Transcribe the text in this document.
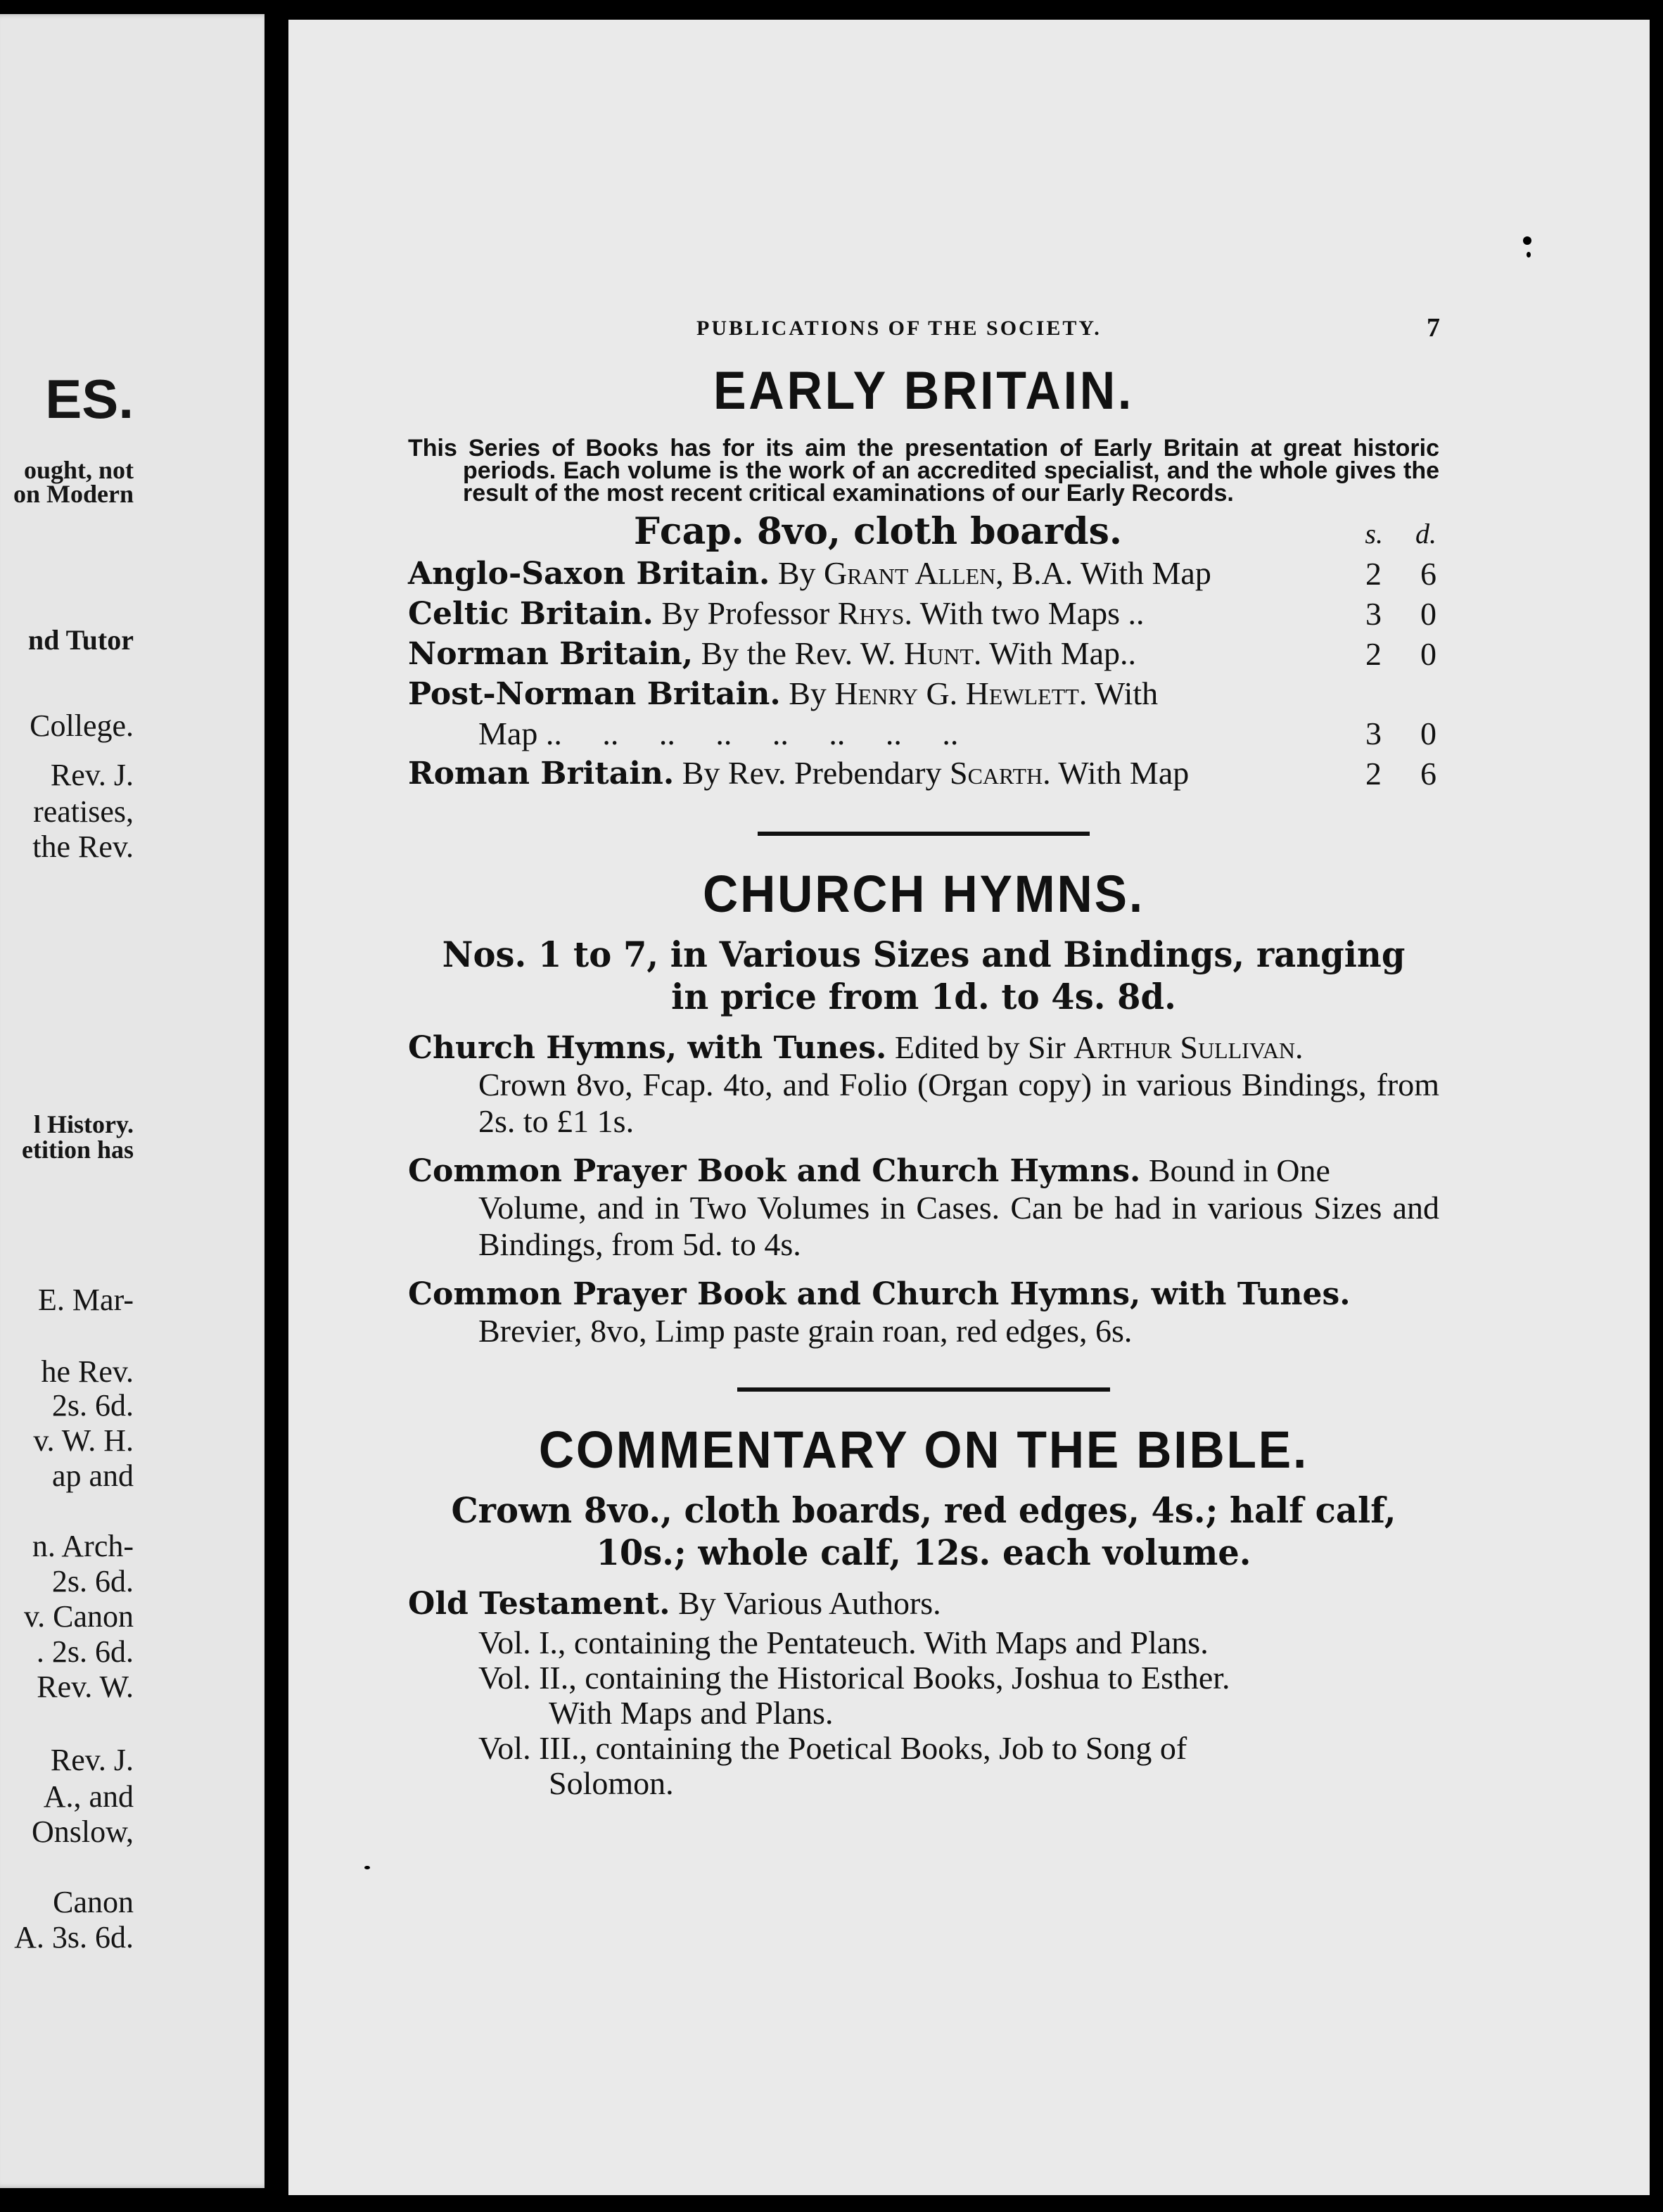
ES.
ought, not
on Modern
nd Tutor
College.
Rev. J.
reatises,
the Rev.
l History.
etition has
E. Mar-
he Rev.
2s. 6d.
v. W. H.
ap and
n. Arch-
2s. 6d.
v. Canon
. 2s. 6d.
Rev. W.
Rev. J.
A., and
Onslow,
Canon
A. 3s. 6d.
PUBLICATIONS OF THE SOCIETY.	7
EARLY BRITAIN.

This Series of Books has for its aim the presentation of Early Britain at great historic periods. Each volume is the work of an accredited specialist, and the whole gives the result of the most recent critical examinations of our Early Records.

Fcap. 8vo, cloth boards.	s. d.
Anglo-Saxon Britain. By Grant Allen, B.A. With Map	2 6
Celtic Britain. By Professor Rhys. With two Maps ..	3 0
Norman Britain, By the Rev. W. Hunt. With Map..	2 0
Post-Norman Britain. By Henry G. Hewlett. With
Map ..     ..     ..     ..     ..     ..     ..     ..	3 0
Roman Britain. By Rev. Prebendary Scarth. With Map	2 6
CHURCH HYMNS.
Nos. 1 to 7, in Various Sizes and Bindings, ranging in price from 1d. to 4s. 8d.
Church Hymns, with Tunes. Edited by Sir Arthur Sullivan.
Crown 8vo, Fcap. 4to, and Folio (Organ copy) in various Bindings, from 2s. to £1 1s.
Common Prayer Book and Church Hymns. Bound in One
Volume, and in Two Volumes in Cases. Can be had in various Sizes and Bindings, from 5d. to 4s.
Common Prayer Book and Church Hymns, with Tunes.
Brevier, 8vo, Limp paste grain roan, red edges, 6s.
COMMENTARY ON THE BIBLE.
Crown 8vo., cloth boards, red edges, 4s.; half calf, 10s.; whole calf, 12s. each volume.
Old Testament. By Various Authors.
Vol. I., containing the Pentateuch. With Maps and Plans.
Vol. II., containing the Historical Books, Joshua to Esther.
With Maps and Plans.
Vol. III., containing the Poetical Books, Job to Song of
Solomon.
